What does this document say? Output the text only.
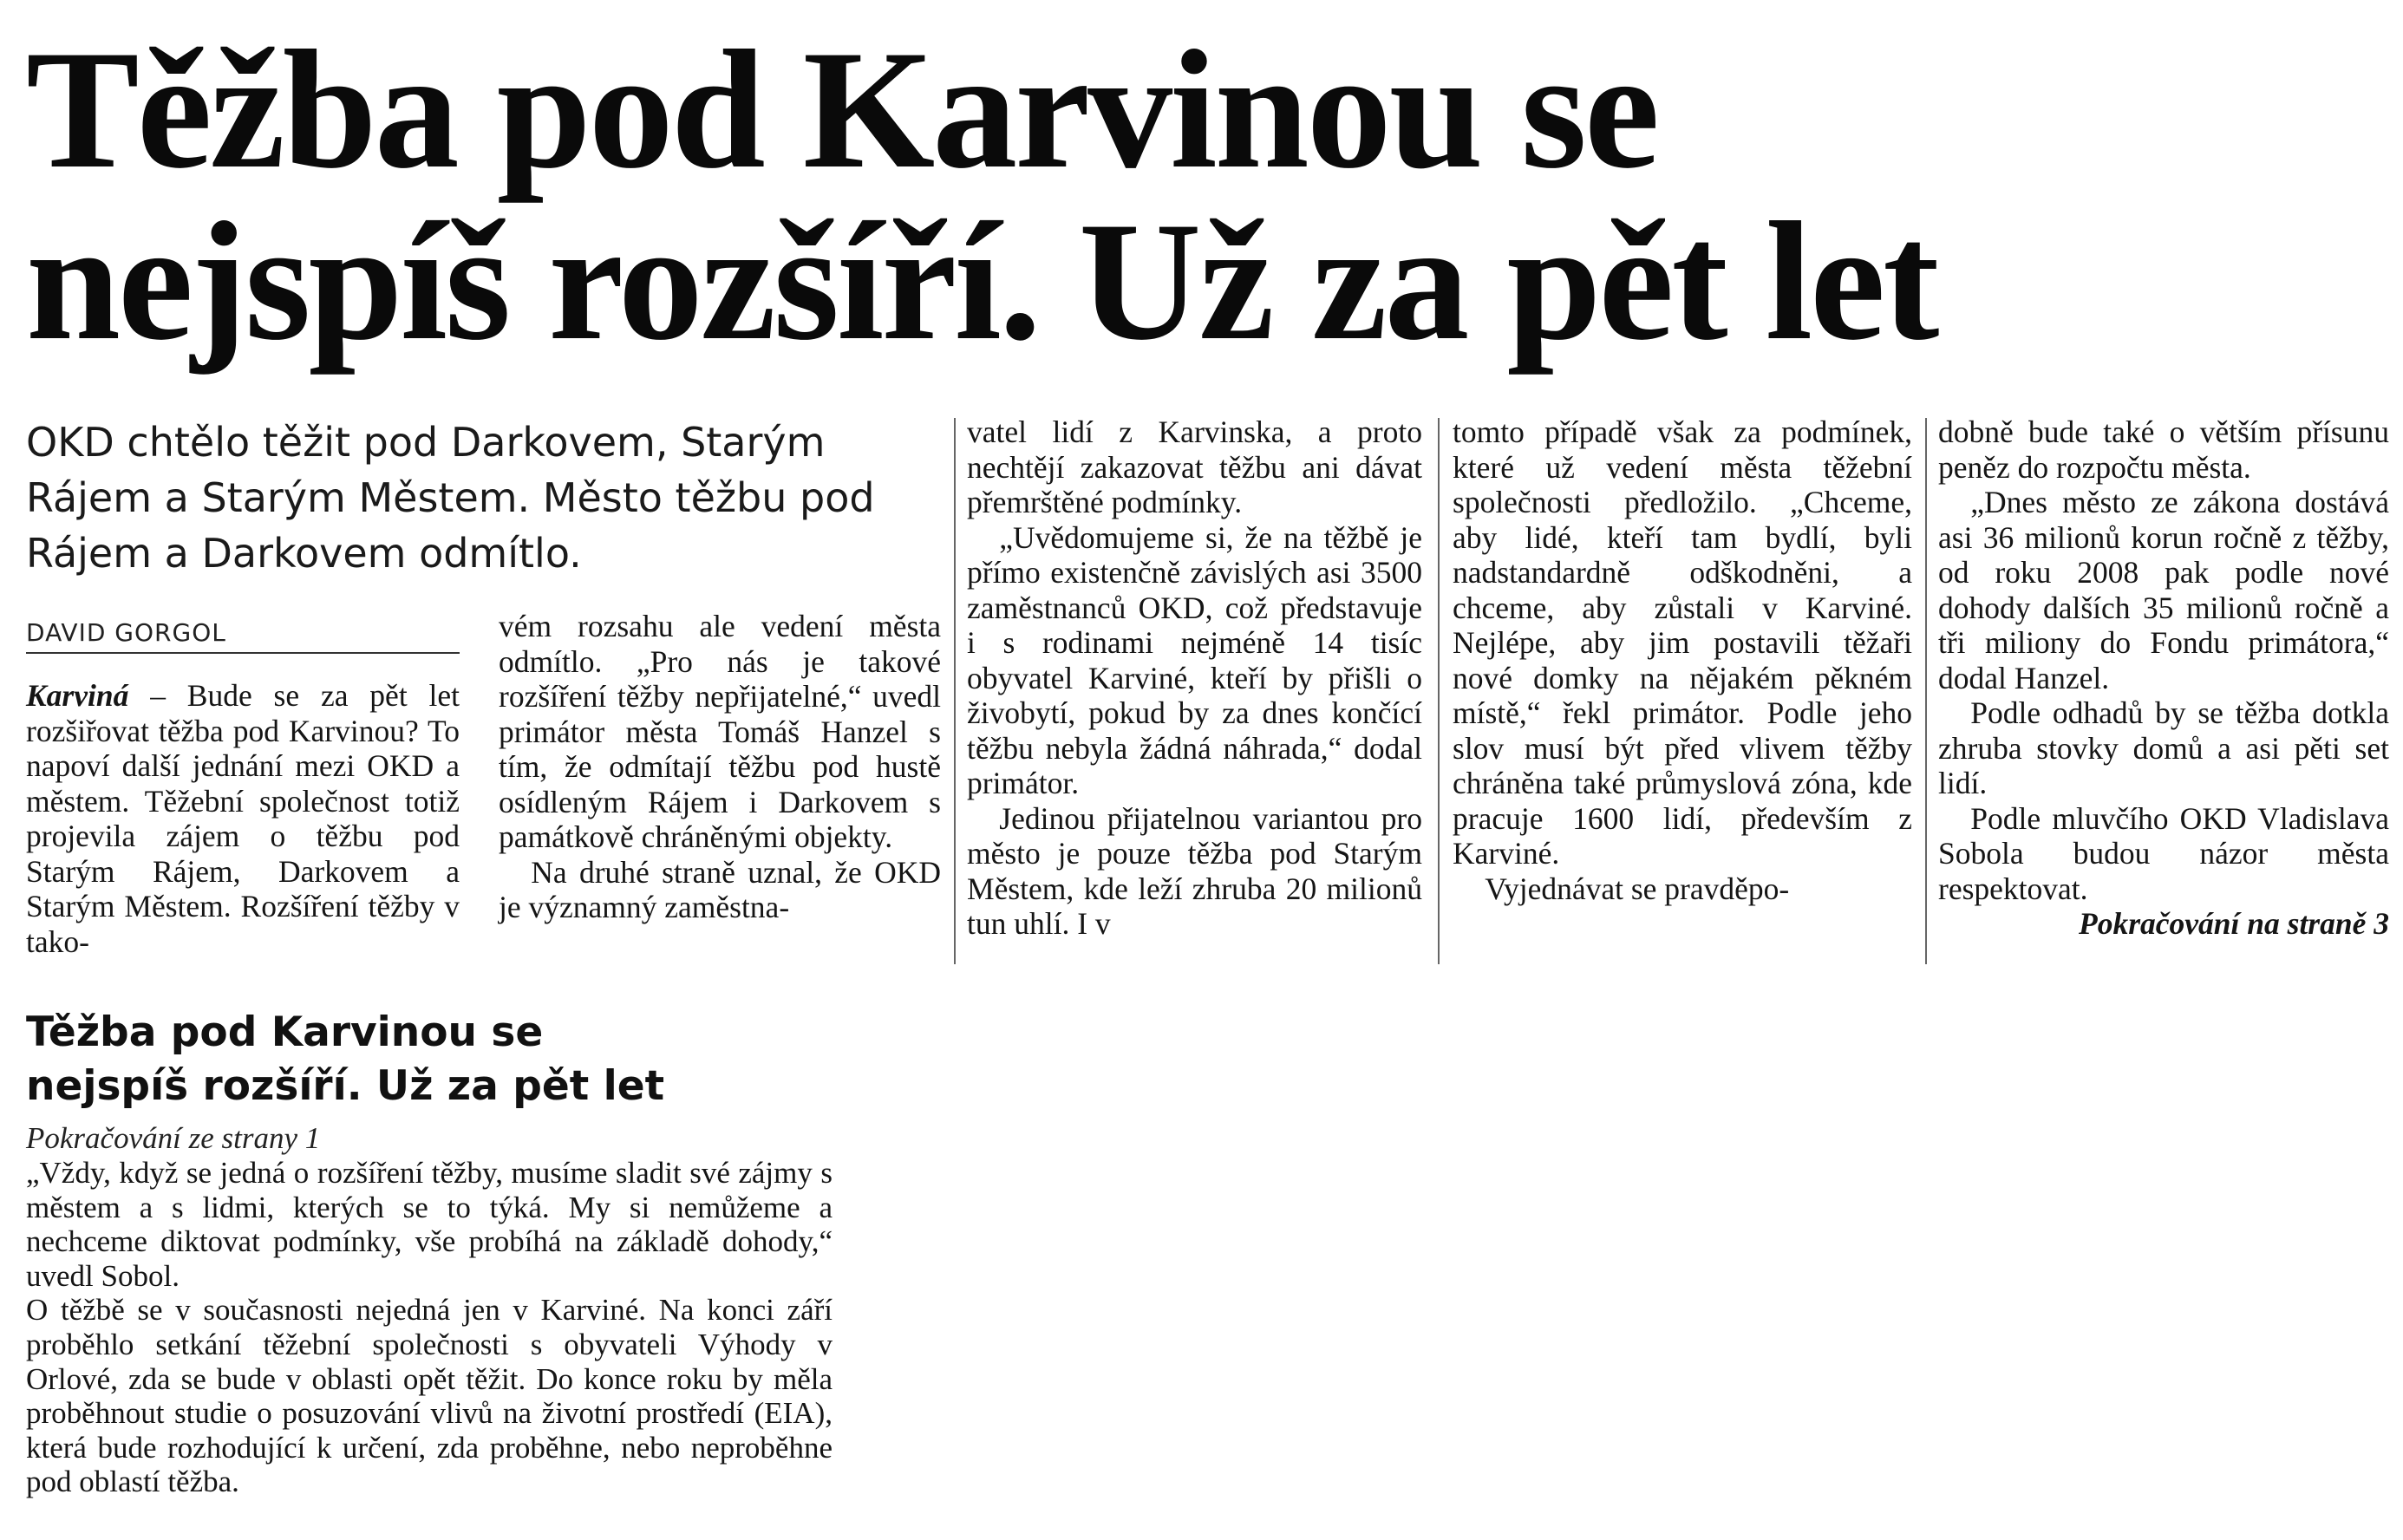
Těžba pod Karvinou se
nejspíš rozšíří. Už za pět let
OKD chtělo těžit pod Darkovem, Starým Rájem a Starým Městem. Město těžbu pod Rájem a Darkovem odmítlo.
DAVID GORGOL

Karviná – Bude se za pět let rozšiřovat těžba pod Karvinou? To napoví další jednání mezi OKD a městem. Těžební společnost totiž projevila zájem o těžbu pod Starým Rájem, Darkovem a Starým Městem. Rozšíření těžby v tako-

vém rozsahu ale vedení města odmítlo. „Pro nás je takové rozšíření těžby nepřijatelné,“ uvedl primátor města Tomáš Hanzel s tím, že odmítají těžbu pod hustě osídleným Rájem i Darkovem s památkově chráněnými objekty.

Na druhé straně uznal, že OKD je významný zaměstna-

vatel lidí z Karvinska, a proto nechtějí zakazovat těžbu ani dávat přemrštěné podmínky.

„Uvědomujeme si, že na těžbě je přímo existenčně závislých asi 3500 zaměstnanců OKD, což představuje i s rodinami nejméně 14 tisíc obyvatel Karviné, kteří by přišli o živobytí, pokud by za dnes končící těžbu nebyla žádná náhrada,“ dodal primátor.

Jedinou přijatelnou variantou pro město je pouze těžba pod Starým Městem, kde leží zhruba 20 milionů tun uhlí. I v

tomto případě však za podmínek, které už vedení města těžební společnosti předložilo. „Chceme, aby lidé, kteří tam bydlí, byli nadstandardně odškodněni, a chceme, aby zůstali v Karviné. Nejlépe, aby jim postavili těžaři nové domky na nějakém pěkném místě,“ řekl primátor. Podle jeho slov musí být před vlivem těžby chráněna také průmyslová zóna, kde pracuje 1600 lidí, především z Karviné.

Vyjednávat se pravděpo-

dobně bude také o větším přísunu peněz do rozpočtu města.

„Dnes město ze zákona dostává asi 36 milionů korun ročně z těžby, od roku 2008 pak podle nové dohody dalších 35 milionů ročně a tři miliony do Fondu primátora,“ dodal Hanzel.

Podle odhadů by se těžba dotkla zhruba stovky domů a asi pěti set lidí.

Podle mluvčího OKD Vladislava Sobola budou názor města respektovat.

Pokračování na straně 3

Těžba pod Karvinou se
nejspíš rozšíří. Už za pět let
Pokračování ze strany 1

„Vždy, když se jedná o rozšíření těžby, musíme sladit své zájmy s městem a s lidmi, kterých se to týká. My si nemůžeme a nechceme diktovat podmínky, vše probíhá na základě dohody,“ uvedl Sobol.

O těžbě se v současnosti nejedná jen v Karviné. Na konci září proběhlo setkání těžební společnosti s obyvateli Výhody v Orlové, zda se bude v oblasti opět těžit. Do konce roku by měla proběhnout studie o posuzování vlivů na životní prostředí (EIA), která bude rozhodující k určení, zda proběhne, nebo neproběhne pod oblastí těžba.
